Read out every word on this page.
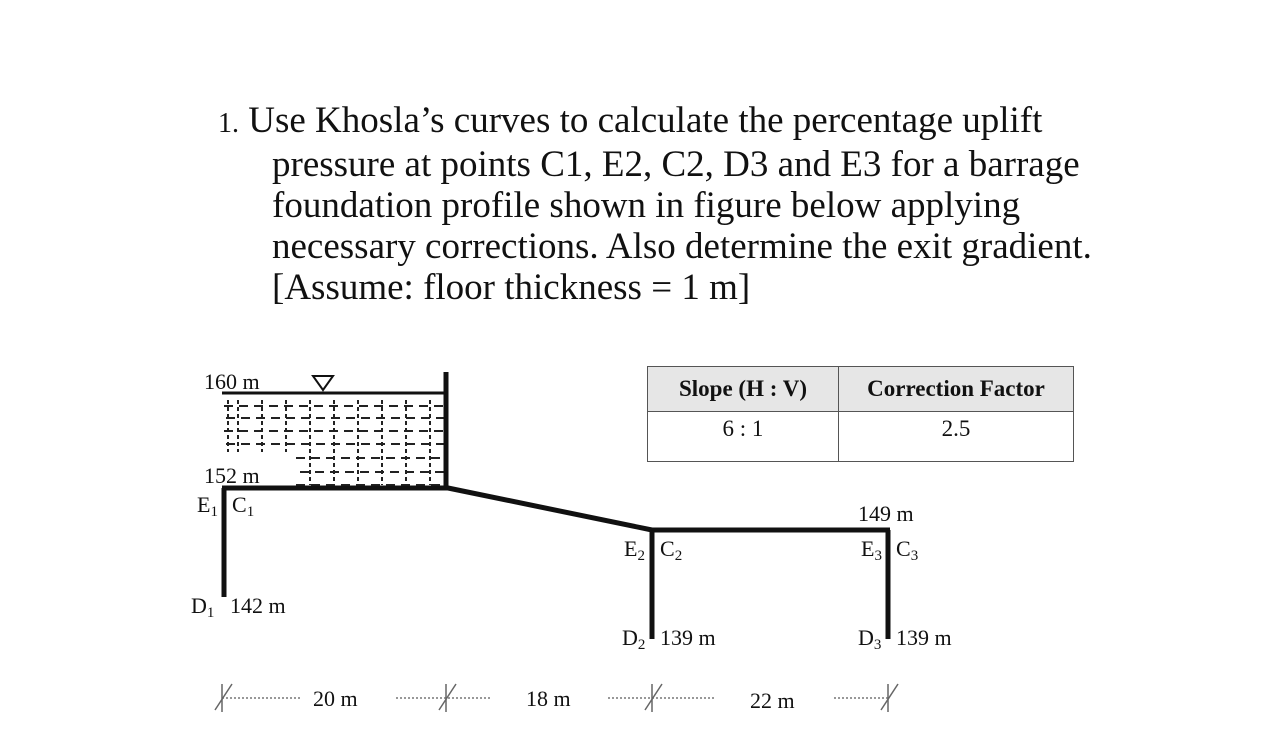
1. Use Khosla’s curves to calculate the percentage uplift
pressure at points C1, E2, C2, D3 and E3 for a barrage
foundation profile shown in figure below applying
necessary corrections. Also determine the exit gradient.
[Assume: floor thickness = 1 m]
Slope (H : V)	Correction Factor
6 : 1	2.5
160 m
152 m
142 m
149 m
139 m	139 m
E1 C1
D1
E2 C2
D2
E3 C3
D3
20 m	18 m	22 m
